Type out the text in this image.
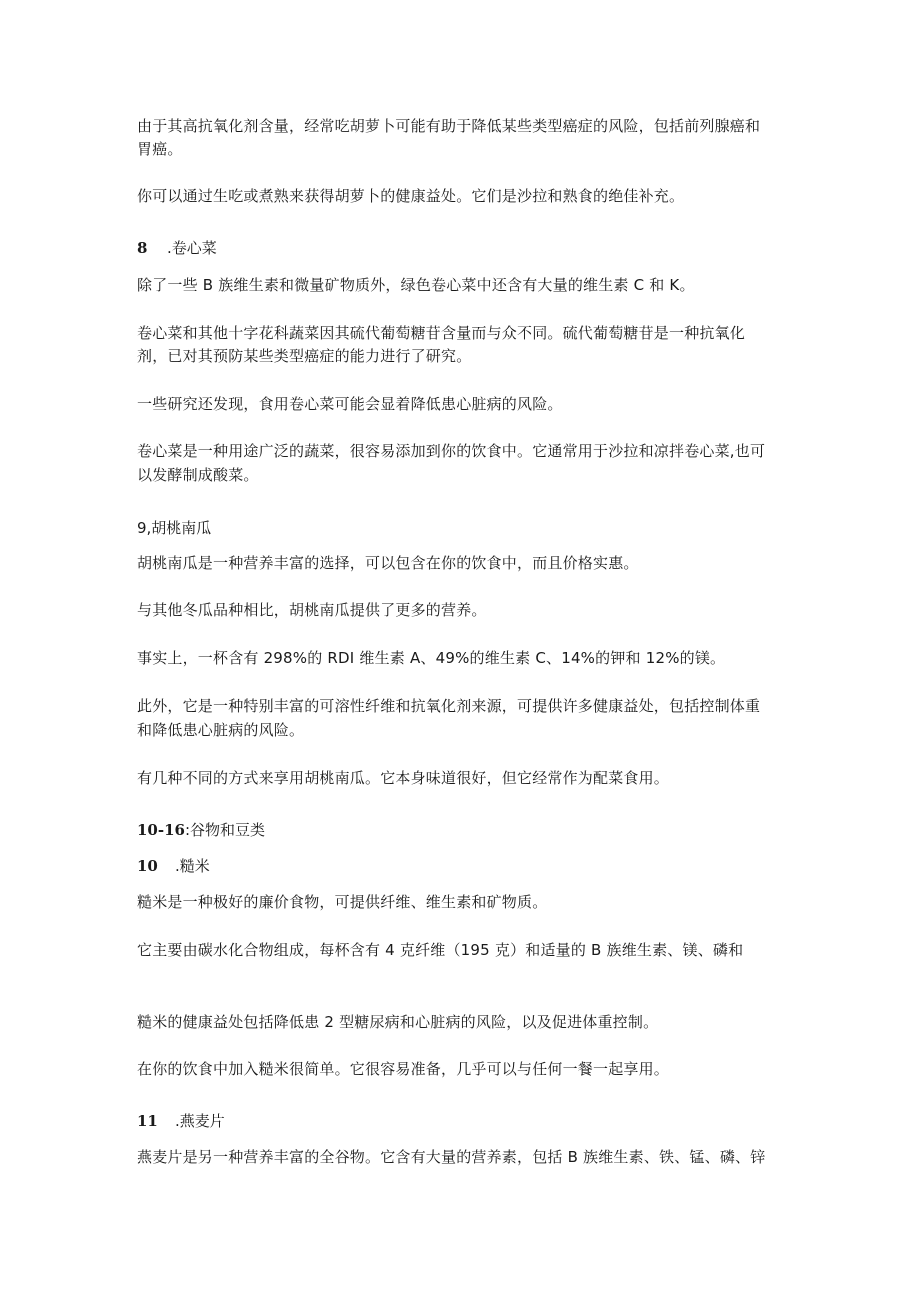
由于其高抗氧化剂含量，经常吃胡萝卜可能有助于降低某些类型癌症的风险，包括前列腺癌和
胃癌。
你可以通过生吃或煮熟来获得胡萝卜的健康益处。它们是沙拉和熟食的绝佳补充。
8 .卷心菜
除了一些 B 族维生素和微量矿物质外，绿色卷心菜中还含有大量的维生素 C 和 K。
卷心菜和其他十字花科蔬菜因其硫代葡萄糖苷含量而与众不同。硫代葡萄糖苷是一种抗氧化
剂，已对其预防某些类型癌症的能力进行了研究。
一些研究还发现，食用卷心菜可能会显着降低患心脏病的风险。
卷心菜是一种用途广泛的蔬菜，很容易添加到你的饮食中。它通常用于沙拉和凉拌卷心菜,也可
以发酵制成酸菜。
9,胡桃南瓜
胡桃南瓜是一种营养丰富的选择，可以包含在你的饮食中，而且价格实惠。
与其他冬瓜品种相比，胡桃南瓜提供了更多的营养。
事实上，一杯含有 298%的 RDI 维生素 A、49%的维生素 C、14%的钾和 12%的镁。
此外，它是一种特别丰富的可溶性纤维和抗氧化剂来源，可提供许多健康益处，包括控制体重
和降低患心脏病的风险。
有几种不同的方式来享用胡桃南瓜。它本身味道很好，但它经常作为配菜食用。
10-16:谷物和豆类
10 .糙米
糙米是一种极好的廉价食物，可提供纤维、维生素和矿物质。
它主要由碳水化合物组成，每杯含有 4 克纤维（195 克）和适量的 B 族维生素、镁、磷和
糙米的健康益处包括降低患 2 型糖尿病和心脏病的风险，以及促进体重控制。
在你的饮食中加入糙米很简单。它很容易准备，几乎可以与任何一餐一起享用。
11 .燕麦片
燕麦片是另一种营养丰富的全谷物。它含有大量的营养素，包括 B 族维生素、铁、锰、磷、锌
